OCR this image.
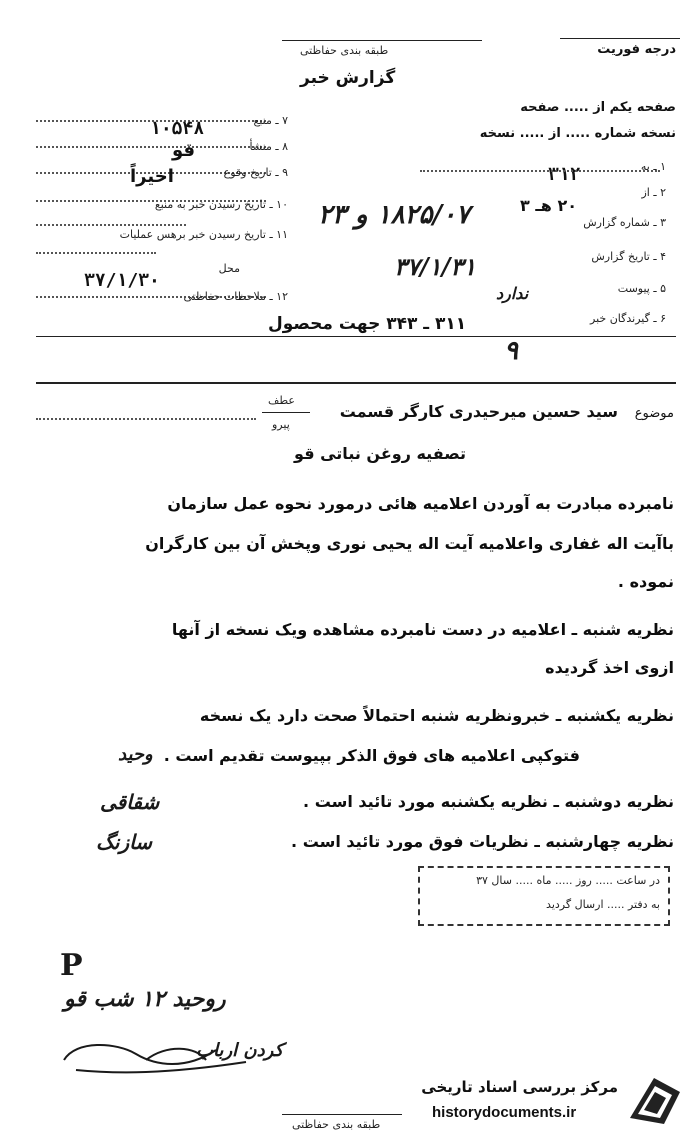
درجه فوریت
طبقه بندی حفاظتی
گزارش خبر
صفحه یکم از ..... صفحه
نسخه شماره ..... از ..... نسخه
۷ ـ منبع
۱۰۵۴۸
۸ ـ منشأ
قو
۹ ـ تاریخ وقوع
اخیراً
۱۰ ـ تاریخ رسیدن خبر به منبع
۱۱ ـ تاریخ رسیدن خبر برهس عملیات
محل
۳۷/۱/۳۰
۱۲ ـ ملاحظات حفاظتی
۱ ـ به
۳۱۲
۲ ـ از
۲۰ هـ ۳
۳ ـ شماره گزارش
۱۸۲۵/۰۷ و ۲۳
۴ ـ تاریخ گزارش
۳۷/۱/۳۱
۵ ـ پیوست
ندارد
۶ ـ گیرندگان خبر
۳۱۱ ـ ۳۴۳ جهت محصول
٩
موضوع
سید حسین میرحیدری کارگر قسمت
عطف
پیرو
تصفیه روغن نباتی قو
نامبرده مبادرت به آوردن اعلامیه هائی درمورد نحوه عمل سازمان
باآیت اله غفاری واعلامیه آیت اله یحیی نوری وپخش آن بین کارگران
نموده .
نظریه شنبه ـ اعلامیه در دست نامبرده مشاهده ویک نسخه از آنها
ازوی اخذ گردیده
نظریه یکشنبه ـ خبرونظریه شنبه احتمالاً صحت دارد یک نسخه
فتوکپی اعلامیه های فوق الذکر بپیوست تقدیم است .
وحید
نظریه دوشنبه ـ نظریه یکشنبه مورد تائید است .
شقاقی
نظریه چهارشنبه ـ نظریات فوق مورد تائید است .
سازنگ
در ساعت ..... روز ..... ماه ..... سال ۳۷
به دفتر ..... ارسال گردید
P
روحید ۱۲ شب قو
کردن ارباب
طبقه بندی حفاظتی
مرکز بررسی اسناد تاریخی
historydocuments.ir
